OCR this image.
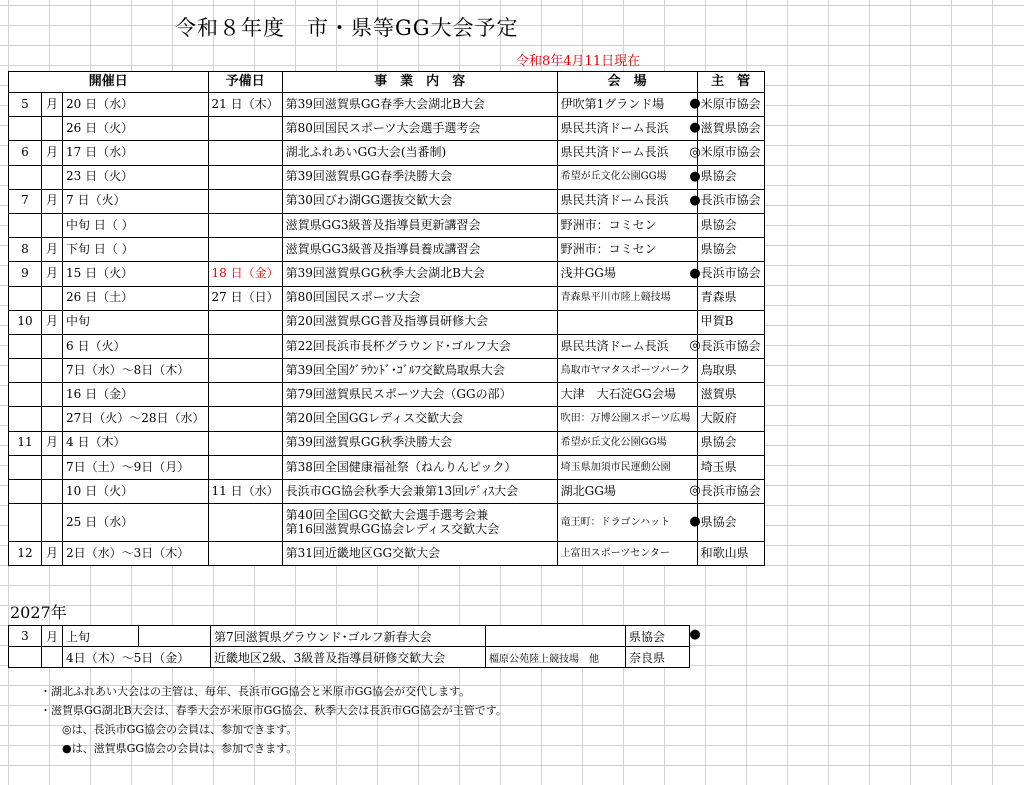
令和８年度　市・県等GG大会予定
令和8年4月11日現在
開催日			予備日	事　業　内　容	会　場	主　管
5	月	20 日（水）	21 日（木）	第39回滋賀県GG春季大会湖北B大会	伊吹第1グランド場	米原市協会
		26 日（火）		第80回国民スポーツ大会選手選考会	県民共済ドーム長浜	滋賀県協会
6	月	17 日（水）		湖北ふれあいGG大会(当番制)	県民共済ドーム長浜	米原市協会
		23 日（火）		第39回滋賀県GG春季決勝大会	希望が丘文化公園GG場	県協会
7	月	7 日（火）		第30回びわ湖GG選抜交歓大会	県民共済ドーム長浜	長浜市協会
		中旬 日（ ）		滋賀県GG3級普及指導員更新講習会	野洲市：コミセン	県協会
8	月	下旬 日（ ）		滋賀県GG3級普及指導員養成講習会	野洲市：コミセン	県協会
9	月	15 日（火）	18 日（金）	第39回滋賀県GG秋季大会湖北B大会	浅井GG場	長浜市協会
		26 日（土）	27 日（日）	第80回国民スポーツ大会	青森県平川市陸上競技場	青森県
10	月	中旬		第20回滋賀県GG普及指導員研修大会		甲賀B
		6 日（火）		第22回長浜市長杯グラウンド･ゴルフ大会	県民共済ドーム長浜	長浜市協会
		7日（水）～8日（木）		第39回全国ｸﾞﾗｳﾝﾄﾞ･ｺﾞﾙﾌ交歓鳥取県大会	鳥取市ヤマタスポーツパーク	鳥取県
		16 日（金）		第79回滋賀県民スポーツ大会（GGの部）	大津　大石淀GG会場	滋賀県
		27日（火）～28日（水）		第20回全国GGレディス交歓大会	吹田：万博公園スポーツ広場	大阪府
11	月	4 日（木）		第39回滋賀県GG秋季決勝大会	希望が丘文化公園GG場	県協会
		7日（土）～9日（月）		第38回全国健康福祉祭（ねんりんピック）	埼玉県加須市民運動公園	埼玉県
		10 日（火）	11 日（水）	長浜市GG協会秋季大会兼第13回ﾚﾃﾞｨｽ大会	湖北GG場	長浜市協会
		25 日（水）		第40回全国GG交歓大会選手選考会兼
第16回滋賀県GG協会レディス交歓大会	竜王町：ドラゴンハット	県協会
12	月	2日（水）～3日（木）		第31回近畿地区GG交歓大会	上富田スポーツセンター	和歌山県
●
●
◎
●
●
●
◎
◎
●
2027年
3	月	上旬		第7回滋賀県グラウンド･ゴルフ新春大会		県協会
		4日（木）～5日（金）		近畿地区2級、3級普及指導員研修交歓大会	橿原公苑陸上競技場　他	奈良県
・湖北ふれあい大会はの主管は、毎年、長浜市GG協会と米原市GG協会が交代します。
・滋賀県GG湖北B大会は、春季大会が米原市GG協会、秋季大会は長浜市GG協会が主管です。
◎は、長浜市GG協会の会員は、参加できます。
●は、滋賀県GG協会の会員は、参加できます。
●
